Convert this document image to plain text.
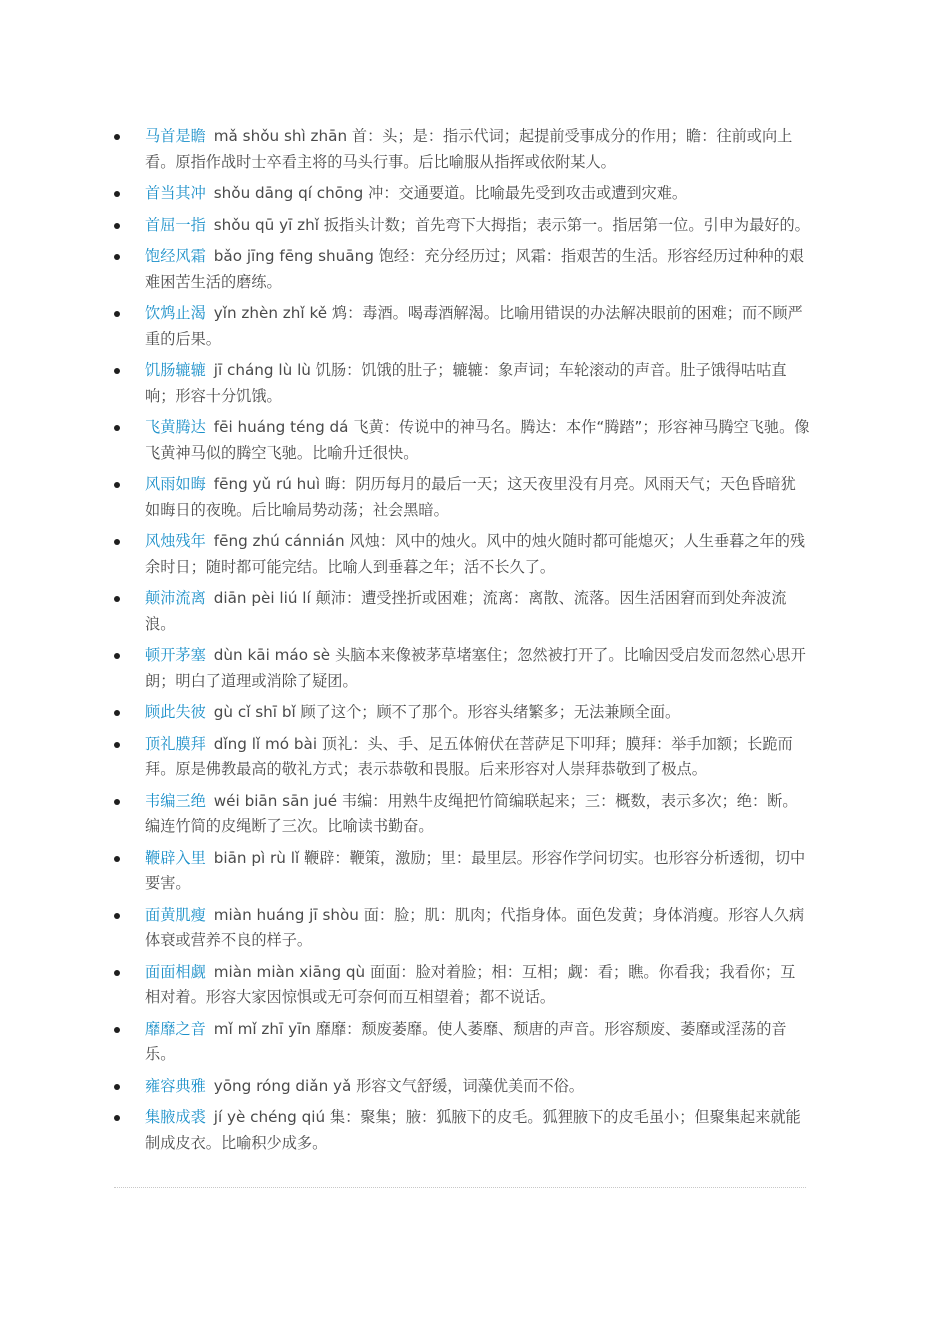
马首是瞻 mǎ shǒu shì zhān 首：头；是：指示代词；起提前受事成分的作用；瞻：往前或向上看。原指作战时士卒看主将的马头行事。后比喻服从指挥或依附某人。
首当其冲 shǒu dāng qí chōng 冲：交通要道。比喻最先受到攻击或遭到灾难。
首屈一指 shǒu qū yī zhǐ 扳指头计数；首先弯下大拇指；表示第一。指居第一位。引申为最好的。
饱经风霜 bǎo jīng fēng shuāng 饱经：充分经历过；风霜：指艰苦的生活。形容经历过种种的艰难困苦生活的磨练。
饮鸩止渴 yǐn zhèn zhǐ kě 鸩：毒酒。喝毒酒解渴。比喻用错误的办法解决眼前的困难；而不顾严重的后果。
饥肠辘辘 jī cháng lù lù 饥肠：饥饿的肚子；辘辘：象声词；车轮滚动的声音。肚子饿得咕咕直响；形容十分饥饿。
飞黄腾达 fēi huáng téng dá 飞黄：传说中的神马名。腾达：本作“腾踏”；形容神马腾空飞驰。像飞黄神马似的腾空飞驰。比喻升迁很快。
风雨如晦 fēng yǔ rú huì 晦：阴历每月的最后一天；这天夜里没有月亮。风雨天气；天色昏暗犹如晦日的夜晚。后比喻局势动荡；社会黑暗。
风烛残年 fēng zhú cánnián 风烛：风中的烛火。风中的烛火随时都可能熄灭；人生垂暮之年的残余时日；随时都可能完结。比喻人到垂暮之年；活不长久了。
颠沛流离 diān pèi liú lí 颠沛：遭受挫折或困难；流离：离散、流落。因生活困窘而到处奔波流浪。
顿开茅塞 dùn kāi máo sè 头脑本来像被茅草堵塞住；忽然被打开了。比喻因受启发而忽然心思开朗；明白了道理或消除了疑团。
顾此失彼 gù cǐ shī bǐ 顾了这个；顾不了那个。形容头绪繁多；无法兼顾全面。
顶礼膜拜 dǐng lǐ mó bài 顶礼：头、手、足五体俯伏在菩萨足下叩拜；膜拜：举手加额；长跪而拜。原是佛教最高的敬礼方式；表示恭敬和畏服。后来形容对人崇拜恭敬到了极点。
韦编三绝 wéi biān sān jué 韦编：用熟牛皮绳把竹简编联起来；三：概数，表示多次；绝：断。编连竹简的皮绳断了三次。比喻读书勤奋。
鞭辟入里 biān pì rù lǐ 鞭辟：鞭策，激励；里：最里层。形容作学问切实。也形容分析透彻，切中要害。
面黄肌瘦 miàn huáng jī shòu 面：脸；肌：肌肉；代指身体。面色发黄；身体消瘦。形容人久病体衰或营养不良的样子。
面面相觑 miàn miàn xiāng qù 面面：脸对着脸；相：互相；觑：看；瞧。你看我；我看你；互相对着。形容大家因惊惧或无可奈何而互相望着；都不说话。
靡靡之音 mǐ mǐ zhī yīn 靡靡：颓废萎靡。使人萎靡、颓唐的声音。形容颓废、萎靡或淫荡的音乐。
雍容典雅 yōng róng diǎn yǎ 形容文气舒缓，词藻优美而不俗。
集腋成裘 jí yè chéng qiú 集：聚集；腋：狐腋下的皮毛。狐狸腋下的皮毛虽小；但聚集起来就能制成皮衣。比喻积少成多。
